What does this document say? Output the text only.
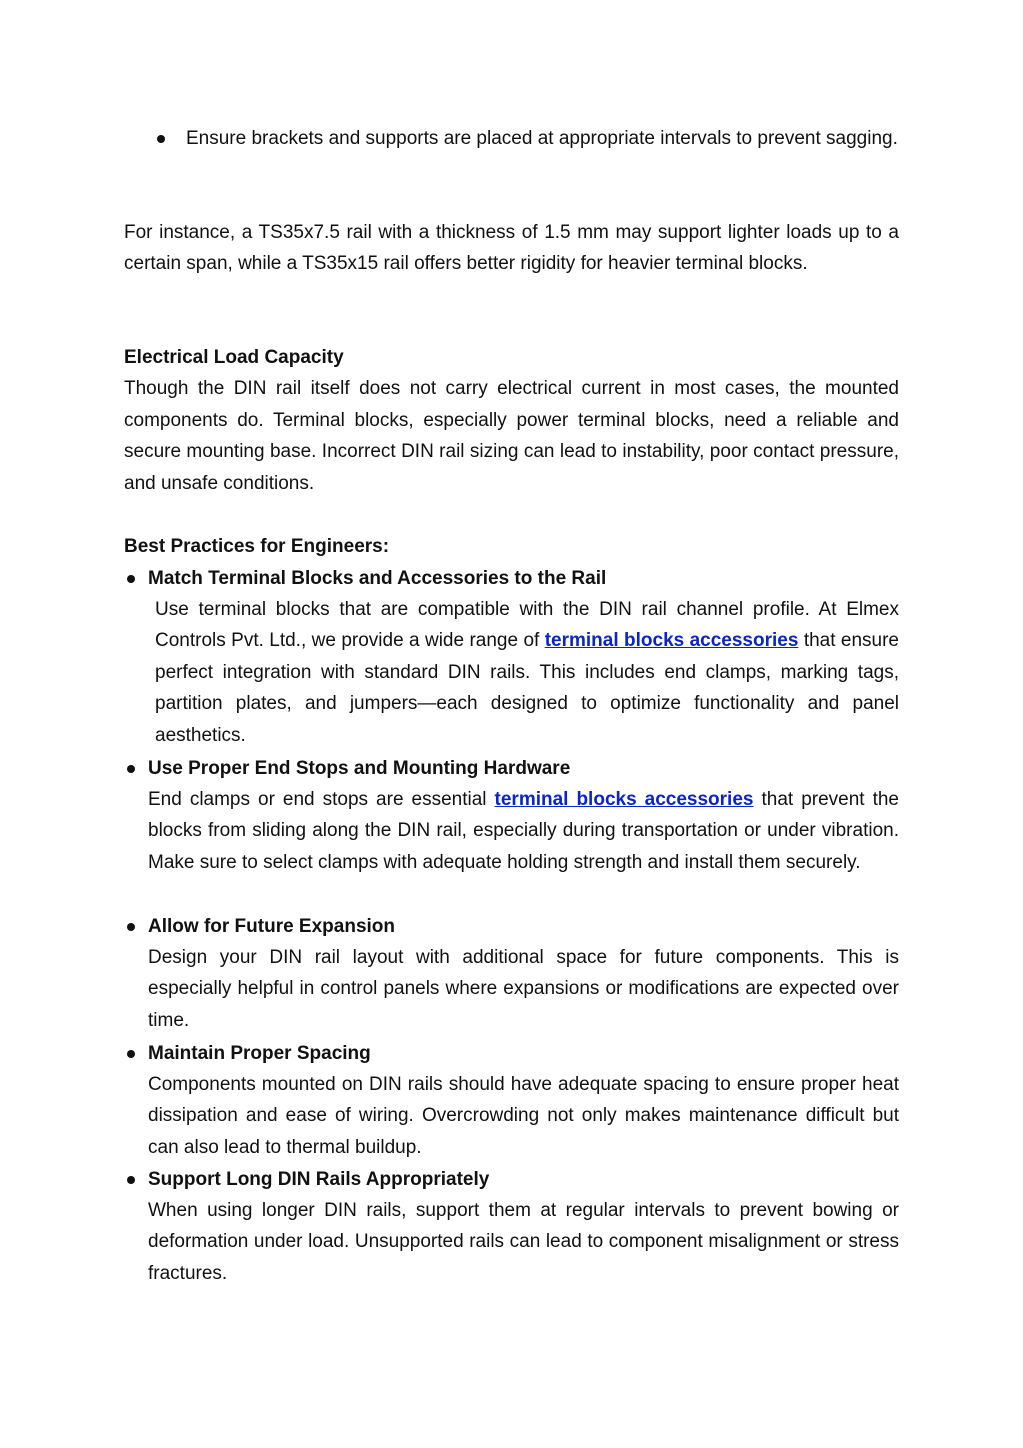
Ensure brackets and supports are placed at appropriate intervals to prevent sagging.
For instance, a TS35x7.5 rail with a thickness of 1.5 mm may support lighter loads up to a certain span, while a TS35x15 rail offers better rigidity for heavier terminal blocks.
Electrical Load Capacity
Though the DIN rail itself does not carry electrical current in most cases, the mounted components do. Terminal blocks, especially power terminal blocks, need a reliable and secure mounting base. Incorrect DIN rail sizing can lead to instability, poor contact pressure, and unsafe conditions.
Best Practices for Engineers:
Match Terminal Blocks and Accessories to the Rail
Use terminal blocks that are compatible with the DIN rail channel profile. At Elmex Controls Pvt. Ltd., we provide a wide range of terminal blocks accessories that ensure perfect integration with standard DIN rails. This includes end clamps, marking tags, partition plates, and jumpers—each designed to optimize functionality and panel aesthetics.
Use Proper End Stops and Mounting Hardware
End clamps or end stops are essential terminal blocks accessories that prevent the blocks from sliding along the DIN rail, especially during transportation or under vibration. Make sure to select clamps with adequate holding strength and install them securely.
Allow for Future Expansion
Design your DIN rail layout with additional space for future components. This is especially helpful in control panels where expansions or modifications are expected over time.
Maintain Proper Spacing
Components mounted on DIN rails should have adequate spacing to ensure proper heat dissipation and ease of wiring. Overcrowding not only makes maintenance difficult but can also lead to thermal buildup.
Support Long DIN Rails Appropriately
When using longer DIN rails, support them at regular intervals to prevent bowing or deformation under load. Unsupported rails can lead to component misalignment or stress fractures.
